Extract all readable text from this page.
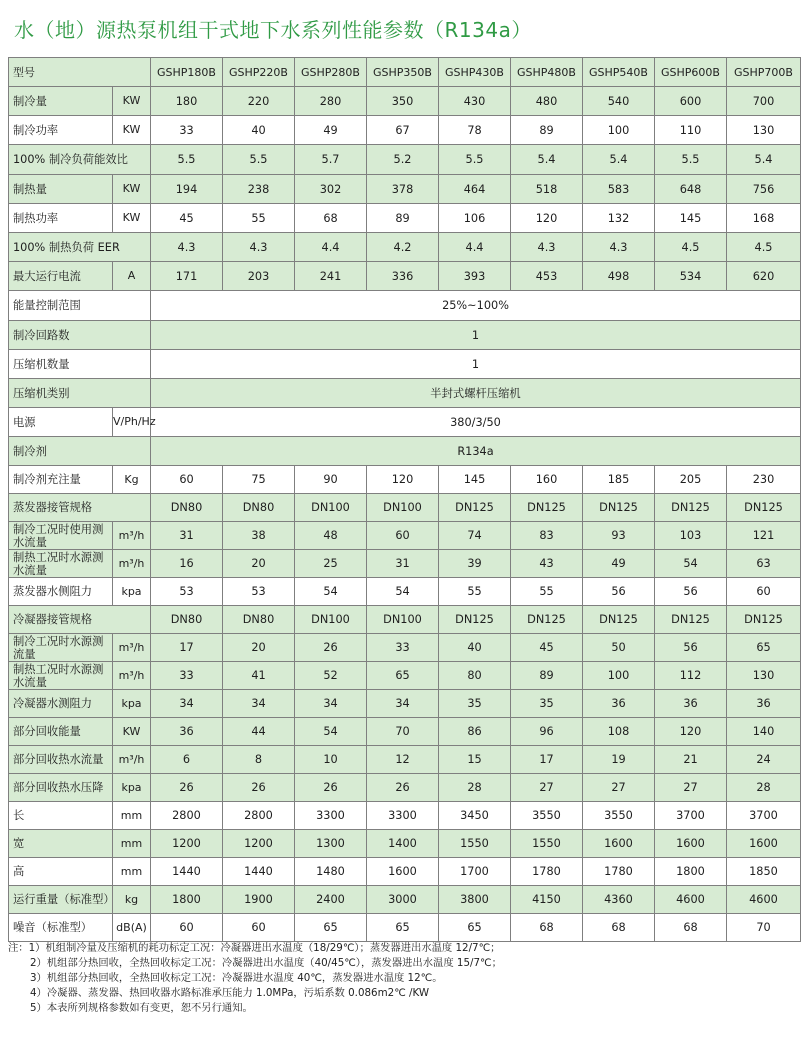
水（地）源热泵机组干式地下水系列性能参数（R134a）
型号		GSHP180B	GSHP220B	GSHP280B	GSHP350B	GSHP430B	GSHP480B	GSHP540B	GSHP600B	GSHP700B
制冷量	KW	180	220	280	350	430	480	540	600	700
制冷功率	KW	33	40	49	67	78	89	100	110	130
100% 制冷负荷能效比		5.5	5.5	5.7	5.2	5.5	5.4	5.4	5.5	5.4
制热量	KW	194	238	302	378	464	518	583	648	756
制热功率	KW	45	55	68	89	106	120	132	145	168
100% 制热负荷 EER		4.3	4.3	4.4	4.2	4.4	4.3	4.3	4.5	4.5
最大运行电流	A	171	203	241	336	393	453	498	534	620
能量控制范围		25%~100%								
制冷回路数		1								
压缩机数量		1								
压缩机类别		半封式螺杆压缩机								
电源	V/Ph/Hz	380/3/50								
制冷剂		R134a								
制冷剂充注量	Kg	60	75	90	120	145	160	185	205	230
蒸发器接管规格		DN80	DN80	DN100	DN100	DN125	DN125	DN125	DN125	DN125
制冷工况时使用测水流量	m³/h	31	38	48	60	74	83	93	103	121
制热工况时水源测水流量	m³/h	16	20	25	31	39	43	49	54	63
蒸发器水侧阻力	kpa	53	53	54	54	55	55	56	56	60
冷凝器接管规格		DN80	DN80	DN100	DN100	DN125	DN125	DN125	DN125	DN125
制冷工况时水源测流量	m³/h	17	20	26	33	40	45	50	56	65
制热工况时水源测水流量	m³/h	33	41	52	65	80	89	100	112	130
冷凝器水测阻力	kpa	34	34	34	34	35	35	36	36	36
部分回收能量	KW	36	44	54	70	86	96	108	120	140
部分回收热水流量	m³/h	6	8	10	12	15	17	19	21	24
部分回收热水压降	kpa	26	26	26	26	28	27	27	27	28
长	mm	2800	2800	3300	3300	3450	3550	3550	3700	3700
宽	mm	1200	1200	1300	1400	1550	1550	1600	1600	1600
高	mm	1440	1440	1480	1600	1700	1780	1780	1800	1850
运行重量（标准型）	kg	1800	1900	2400	3000	3800	4150	4360	4600	4600
噪音（标准型）	dB(A)	60	60	65	65	65	68	68	68	70
注：1）机组制冷量及压缩机的耗功标定工况：冷凝器进出水温度（18/29℃）；蒸发器进出水温度 12/7℃；
2）机组部分热回收，全热回收标定工况：冷凝器进出水温度（40/45℃），蒸发器进出水温度 15/7℃；
3）机组部分热回收，全热回收标定工况：冷凝器进水温度 40℃，蒸发器进水温度 12℃。
4）冷凝器、蒸发器、热回收器水路标准承压能力 1.0MPa，污垢系数 0.086m2℃ /KW
5）本表所列规格参数如有变更，恕不另行通知。
